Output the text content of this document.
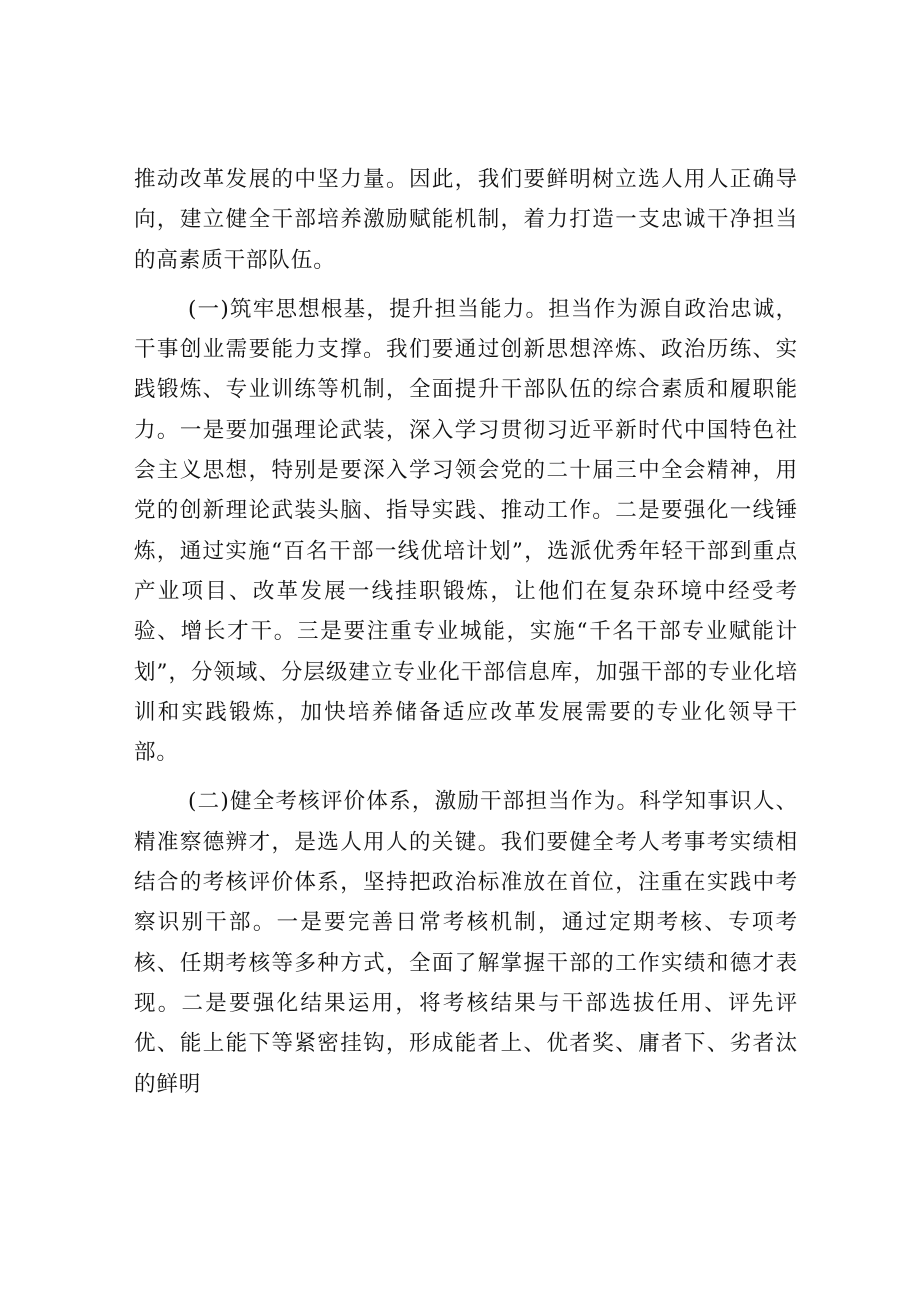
推动改革发展的中坚力量。因此，我们要鲜明树立选人用人正确导向，建立健全干部培养激励赋能机制，着力打造一支忠诚干净担当的高素质干部队伍。

(一)筑牢思想根基，提升担当能力。担当作为源自政治忠诚，干事创业需要能力支撑。我们要通过创新思想淬炼、政治历练、实践锻炼、专业训练等机制，全面提升干部队伍的综合素质和履职能力。一是要加强理论武装，深入学习贯彻习近平新时代中国特色社会主义思想，特别是要深入学习领会党的二十届三中全会精神，用党的创新理论武装头脑、指导实践、推动工作。二是要强化一线锤炼，通过实施“百名干部一线优培计划”，选派优秀年轻干部到重点产业项目、改革发展一线挂职锻炼，让他们在复杂环境中经受考验、增长才干。三是要注重专业城能，实施“千名干部专业赋能计划”，分领域、分层级建立专业化干部信息库，加强干部的专业化培训和实践锻炼，加快培养储备适应改革发展需要的专业化领导干部。

(二)健全考核评价体系，激励干部担当作为。科学知事识人、精准察德辨才，是选人用人的关键。我们要健全考人考事考实绩相结合的考核评价体系，坚持把政治标准放在首位，注重在实践中考察识别干部。一是要完善日常考核机制，通过定期考核、专项考核、任期考核等多种方式，全面了解掌握干部的工作实绩和德才表现。二是要强化结果运用，将考核结果与干部选拔任用、评先评优、能上能下等紧密挂钩，形成能者上、优者奖、庸者下、劣者汰的鲜明
